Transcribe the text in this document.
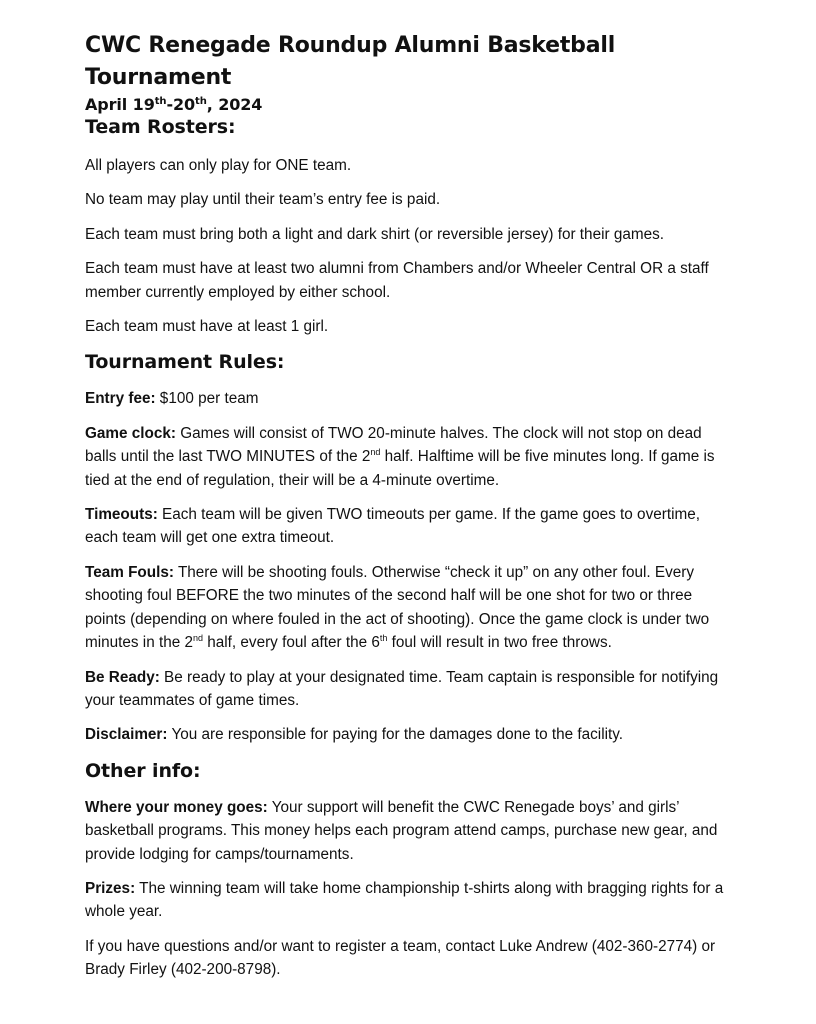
CWC Renegade Roundup Alumni Basketball Tournament
April 19th-20th, 2024
Team Rosters:

All players can only play for ONE team.

No team may play until their team’s entry fee is paid.

Each team must bring both a light and dark shirt (or reversible jersey) for their games.

Each team must have at least two alumni from Chambers and/or Wheeler Central OR a staff member currently employed by either school.

Each team must have at least 1 girl.

Tournament Rules:

Entry fee: $100 per team

Game clock: Games will consist of TWO 20-minute halves. The clock will not stop on dead balls until the last TWO MINUTES of the 2nd half. Halftime will be five minutes long. If game is tied at the end of regulation, their will be a 4-minute overtime.

Timeouts: Each team will be given TWO timeouts per game. If the game goes to overtime, each team will get one extra timeout.

Team Fouls: There will be shooting fouls. Otherwise “check it up” on any other foul. Every shooting foul BEFORE the two minutes of the second half will be one shot for two or three points (depending on where fouled in the act of shooting). Once the game clock is under two minutes in the 2nd half, every foul after the 6th foul will result in two free throws.

Be Ready: Be ready to play at your designated time. Team captain is responsible for notifying your teammates of game times.

Disclaimer: You are responsible for paying for the damages done to the facility.

Other info:

Where your money goes: Your support will benefit the CWC Renegade boys’ and girls’ basketball programs. This money helps each program attend camps, purchase new gear, and provide lodging for camps/tournaments.

Prizes: The winning team will take home championship t-shirts along with bragging rights for a whole year.

If you have questions and/or want to register a team, contact Luke Andrew (402-360-2774) or Brady Firley (402-200-8798).
